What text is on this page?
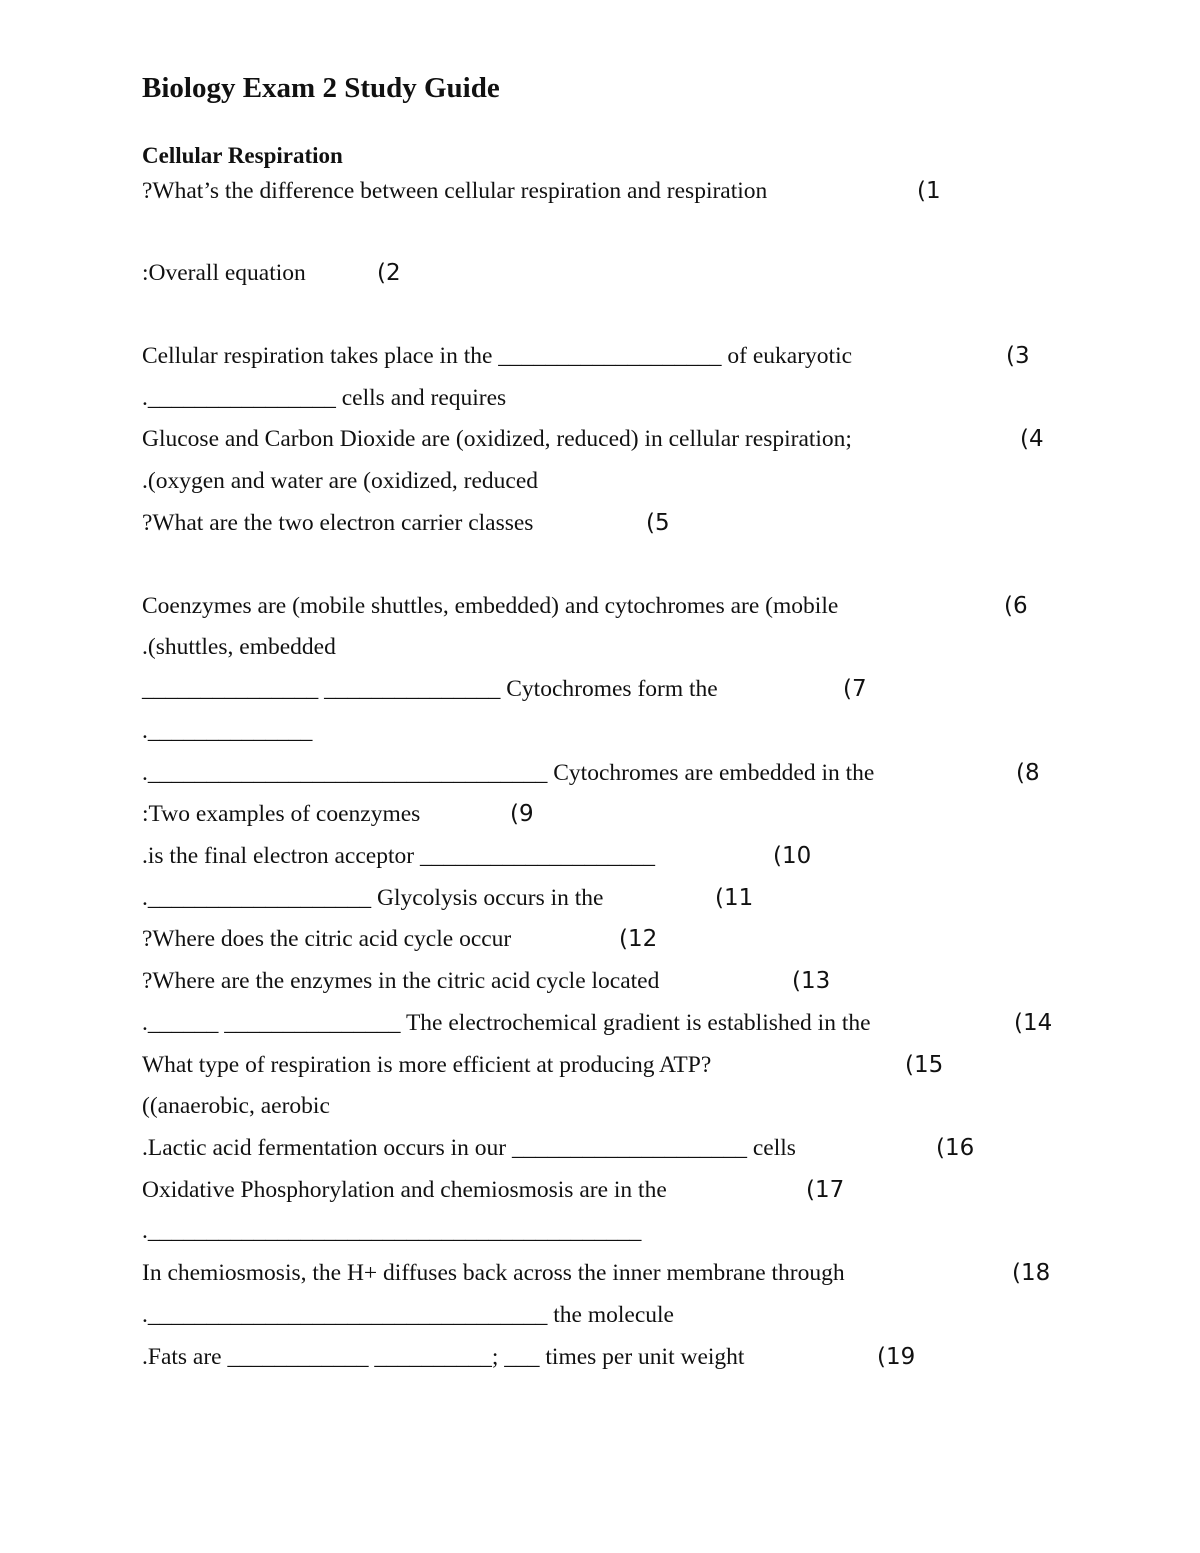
Biology Exam 2 Study Guide
Cellular Respiration
?What’s the difference between cellular respiration and respiration	(1
:Overall equation	(2
Cellular respiration takes place in the ___________________ of eukaryotic	(3
.________________ cells and requires
Glucose and Carbon Dioxide are (oxidized, reduced) in cellular respiration;	(4
.(oxygen and water are (oxidized, reduced
?What are the two electron carrier classes	(5
Coenzymes are (mobile shuttles, embedded) and cytochromes are (mobile	(6
.(shuttles, embedded
_______________ _______________ Cytochromes form the	(7
.______________
.__________________________________ Cytochromes are embedded in the	(8
:Two examples of coenzymes	(9
.is the final electron acceptor ____________________	(10
.___________________ Glycolysis occurs in the	(11
?Where does the citric acid cycle occur	(12
?Where are the enzymes in the citric acid cycle located	(13
.______ _______________ The electrochemical gradient is established in the	(14
What type of respiration is more efficient at producing ATP?	(15
((anaerobic, aerobic
.Lactic acid fermentation occurs in our ____________________ cells	(16
Oxidative Phosphorylation and chemiosmosis are in the	(17
.__________________________________________
In chemiosmosis, the H+ diffuses back across the inner membrane through	(18
.__________________________________ the molecule
.Fats are ____________ __________; ___ times per unit weight	(19
